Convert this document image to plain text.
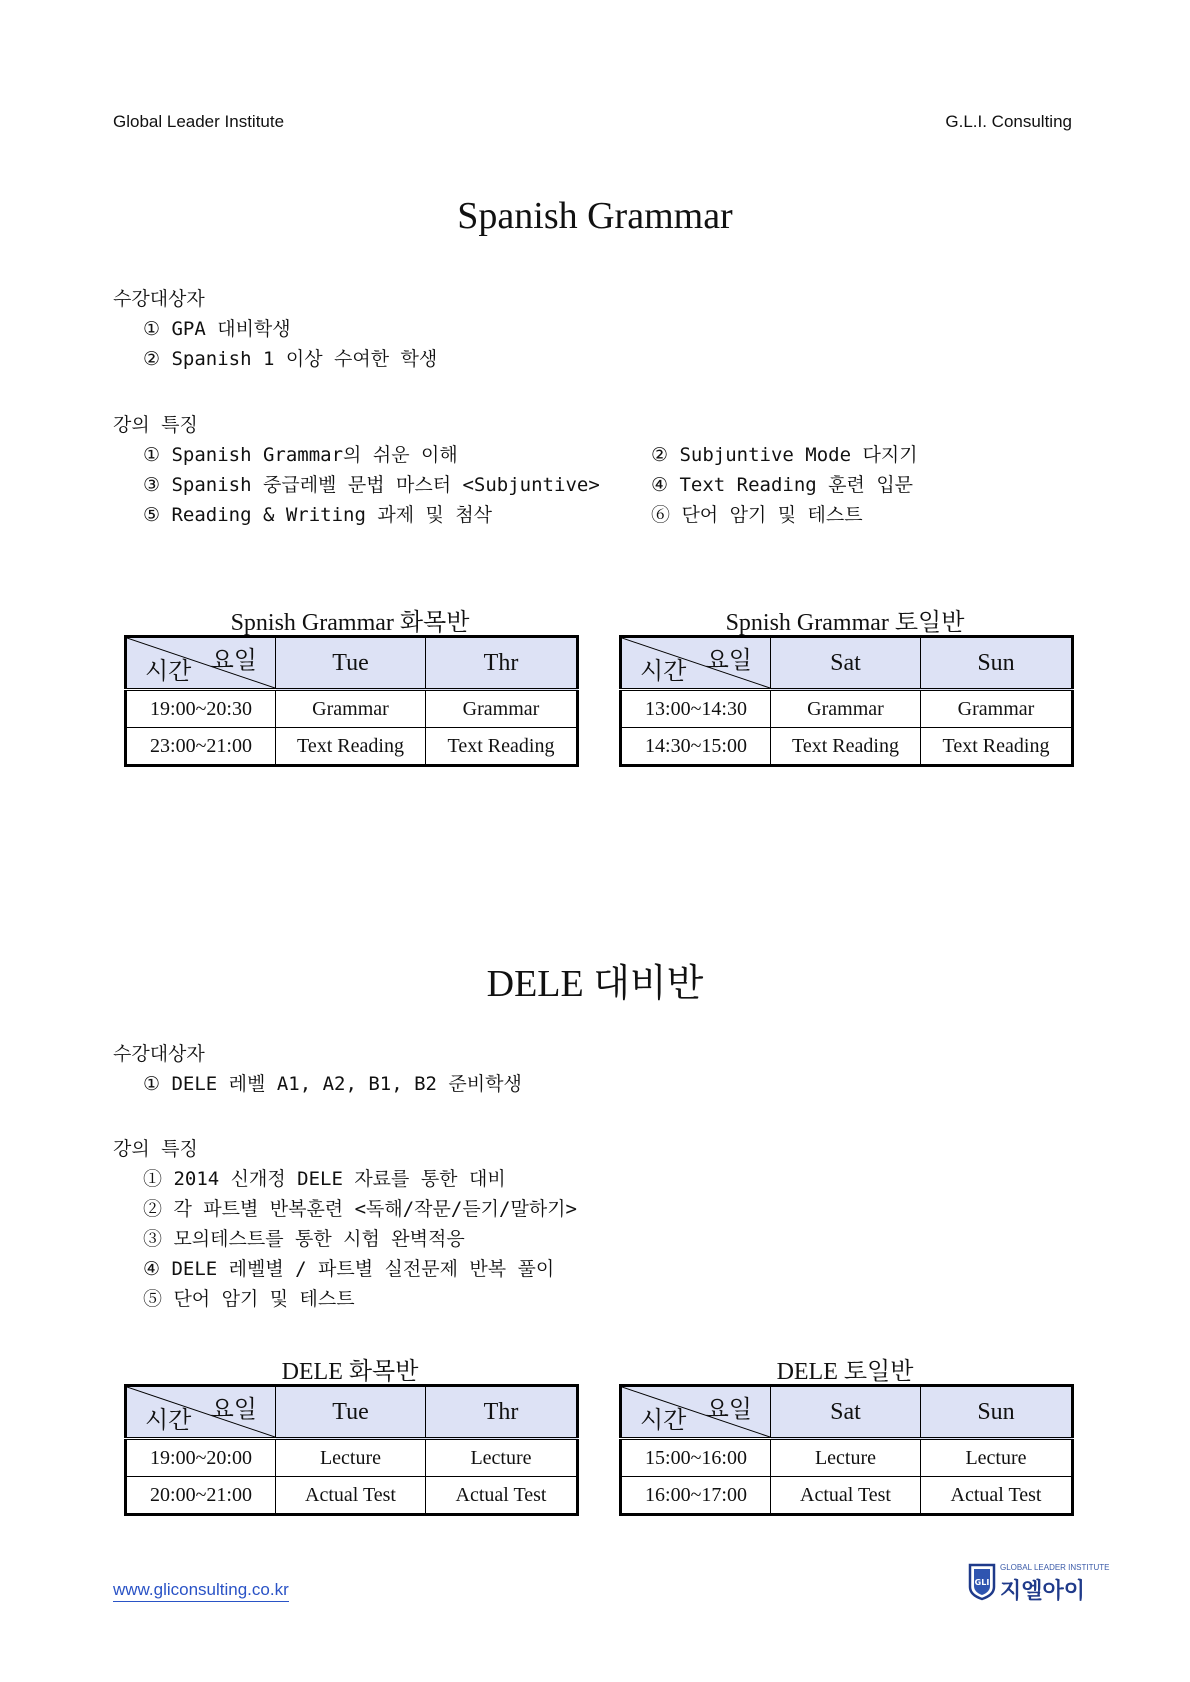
Global Leader Institute	G.L.I. Consulting
Spanish Grammar
수강대상자
① GPA 대비학생
② Spanish 1 이상 수여한 학생
강의 특징
① Spanish Grammar의 쉬운 이해
③ Spanish 중급레벨 문법 마스터 <Subjuntive>
⑤ Reading & Writing 과제 및 첨삭
② Subjuntive Mode 다지기
④ Text Reading 훈련 입문
⑥ 단어 암기 및 테스트
Spnish Grammar 화목반
요일
시간	Tue	Thr
19:00~20:30	Grammar	Grammar
23:00~21:00	Text Reading	Text Reading
Spnish Grammar 토일반
요일
시간	Sat	Sun
13:00~14:30	Grammar	Grammar
14:30~15:00	Text Reading	Text Reading
DELE 대비반
수강대상자
① DELE 레벨 A1, A2, B1, B2 준비학생
강의 특징
① 2014 신개정 DELE 자료를 통한 대비
② 각 파트별 반복훈련 <독해/작문/듣기/말하기>
③ 모의테스트를 통한 시험 완벽적응
④ DELE 레벨별 / 파트별 실전문제 반복 풀이
⑤ 단어 암기 및 테스트
DELE 화목반
요일
시간	Tue	Thr
19:00~20:00	Lecture	Lecture
20:00~21:00	Actual Test	Actual Test
DELE 토일반
요일
시간	Sat	Sun
15:00~16:00	Lecture	Lecture
16:00~17:00	Actual Test	Actual Test
www.gliconsulting.co.kr	GLI
GLOBAL LEADER INSTITUTE
지엘아이
